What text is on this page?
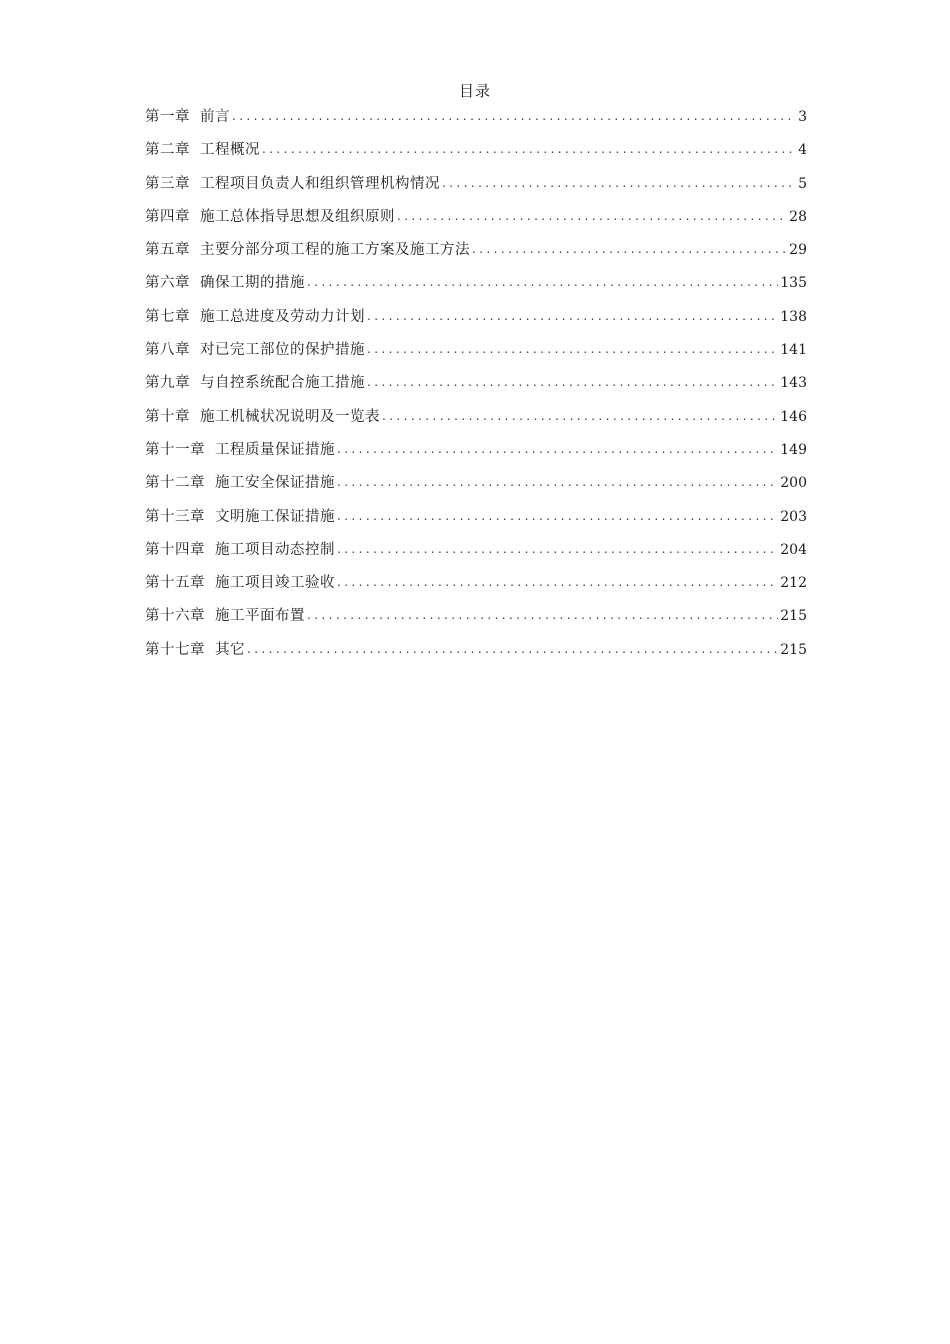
目录
第一章 前言 .....	3
第二章 工程概况 .....	4
第三章 工程项目负责人和组织管理机构情况 .....	5
第四章 施工总体指导思想及组织原则 .....	28
第五章 主要分部分项工程的施工方案及施工方法 .....	29
第六章 确保工期的措施 .....	135
第七章 施工总进度及劳动力计划 .....	138
第八章 对已完工部位的保护措施 .....	141
第九章 与自控系统配合施工措施 .....	143
第十章 施工机械状况说明及一览表 .....	146
第十一章 工程质量保证措施 .....	149
第十二章 施工安全保证措施 .....	200
第十三章 文明施工保证措施 .....	203
第十四章 施工项目动态控制 .....	204
第十五章 施工项目竣工验收 .....	212
第十六章 施工平面布置 .....	215
第十七章 其它 .....	215
